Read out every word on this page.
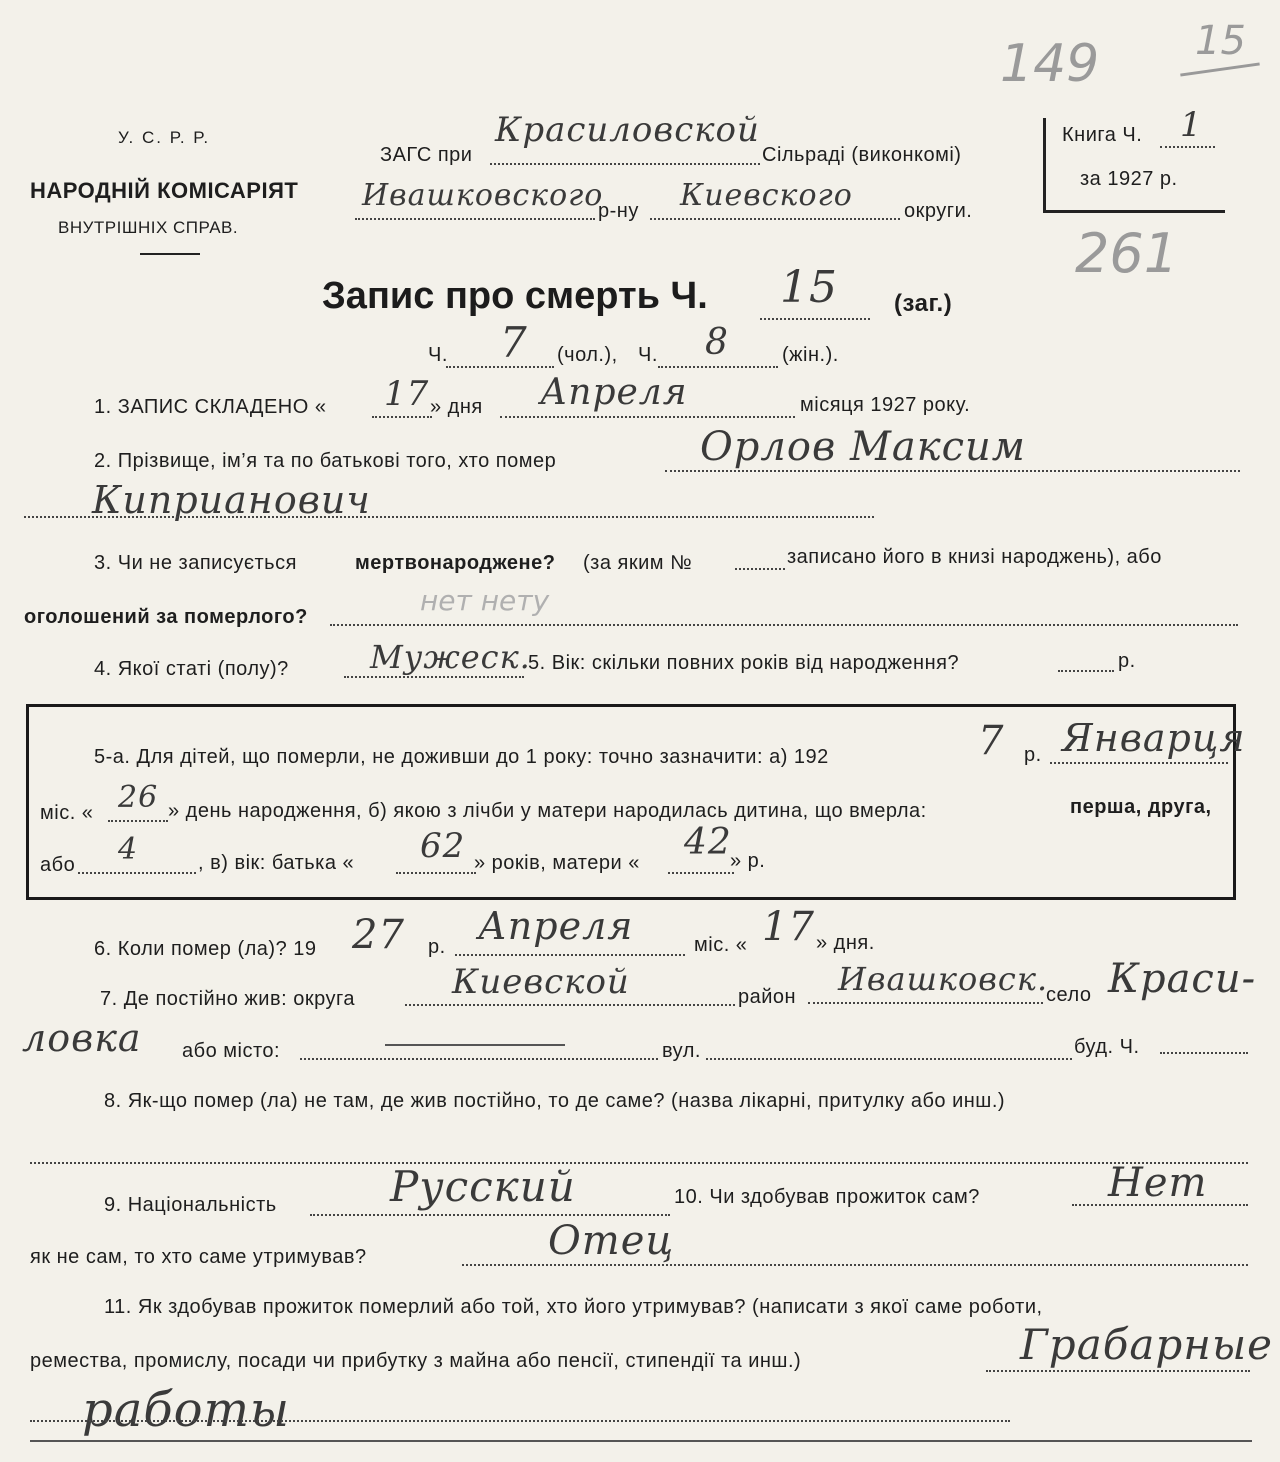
149 15
261
У. С. Р. Р.
НАРОДНІЙ КОМІСАРІЯТ
ВНУТРІШНІХ СПРАВ.
ЗАГС при
Красиловской
Сільраді (виконкомі)
Ивашковского
р-ну Киевского	округи.
Книга Ч. 1
за 1927 р.
Запис про смерть Ч. 15 (заг.)
Ч. 7 (чол.), Ч. 8	(жін.).
1. ЗАПИС СКЛАДЕНО « 17 » дня Апреля	місяця 1927 року.
2. Прізвище, ім’я та по батькові того, хто помер	Орлов Максим
Киприанович
3. Чи не записується	мертвонароджене? (за яким №	записано його в книзі народжень), або
оголошений за померлого?	нет нету
4. Якої статі (полу)?	Мужеск.
5. Вік: скільки повних років від народження?	р.
5-а. Для дітей, що померли, не доживши до 1 року: точно зазначити: а) 192	7 р. Январця
міс. « 26 » день народження, б) якою з лічби у матери народилась дитина, що вмерла:	перша, друга,
або 4	, в) вік: батька « 62 » років, матери « 42
» р.
6. Коли помер (ла)? 19 27 р. Апреля	міс. « 17 » дня.
7. Де постійно жив: округа	Киевской	район Ивашковск.
село Краси-
ловка або місто:	вул.	буд. Ч.
8. Як-що помер (ла) не там, де жив постійно, то де саме? (назва лікарні, притулку або инш.)
9. Національність	Русский	10. Чи здобував прожиток сам?	Нет
як не сам, то хто саме утримував?	Отец
11. Як здобував прожиток померлий або той, хто його утримував? (написати з якої саме роботи,
ремества, промислу, посади чи прибутку з майна або пенсії, стипендії та инш.)	Грабарные
работы
